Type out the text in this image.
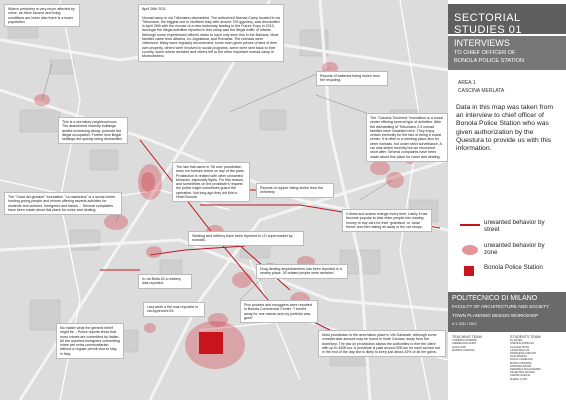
Milan's periphery is very much affected by crime, as there income and living conditions are lower also there is a lower population
April 26th 2011

Nomad camp in via Triboniano dismantled. The authorized Nomad Camp located in via Triboniano, the biggest one in Northern Italy with around 700 gypsies), was dismantled in April 26th with the excuse of a new motorway leading to the Future Expo in 2015. Amongst the illegal activities reported in this camp was the illegal traffic of infants. Although some experienced officers retain to have only seen this in the Balcans. Most families came from Albania, ex-Jugoslavia, and Romania. The nomads were victimized. Many were regularly documented, some even given pieces of land of their own property, others were involved in social programs, some were sent back to their country, some where arrested and others left to the other important nomad camp in Monsobebino.
Reports of batteries being stolen from the recycling.
This is a dormitory neighbourhood. The abandoned industry buildings asides increasing decay, promote the illegal occupation. Further new illegal settlings are quickly being dismantled.
The "Cascina Torchiera" foundation is a social center offering several type of activities. After the dismantling of Triboniano 2-3 nomad families have inhabited here. They enjoy certain immunity for the fact of being a social center. It is often is a meeting place also for other nomads, but under strict surveillance. A car was stolen recently but we recovered short after. Several complaints have been made about this place for noise and dealing.
The law that came in '98 over prostitution does not foresee arrest on any of the parts. Prostitution is related with other unwanted behavior, especially fights. For this reason, and sometimes on the prostitute's request the police might sometimes guard the operation. Not long ago they did this in Hotel Bonola.
The "Casa del giovane" foundation "La madonina" is a social center hosting young people and minors offering several activities for students and workers, foreigners and Italian.... Several complaints have been made about this place for noise and dealing.
Reports of copper being stolen from the cemetery
Crimes and scams change every time. Lately it has become popular to trick elder people into loaning money to buy cars for their 'grandson' or 'close friend' and then taking all away in the car shops.
Stealing and robbery have been reported in LD supermarket by nomads.
Drug dealing amphetamines has been reported in a nearby place. 30 related people were arrested
In via Bolla 40 a robbery was reported.
Last week a fire was reported in via Appennini 53.
Pick pockets and smugglers were reported in Bonola Commercial Center. "I turned away for one minute and my portfolio was gone"
No matter what the general belief might be... Police reports show that most crimes are committed by Italian. All the reported foreigners committing crime are extra communitarian without a regular permit visa to stay in Italy
Most prostitution in the area takes place in Via Gallarate, although some considerable amount may be found in Viale Certosa, away from the dormitory. The law on prostitution allows the authorities to fine the client with up to 450Euro. A prostitute is paid around 50Euro for each service but in the end of the day she is likely to keep just about 20% of all her gains.
SECTORIAL STUDIES 01
INTERVIEWS
TO CHIEF OFFICER OF
BONOLA POLICE STATION
AREA 1
CASCINA MERLATA
Data in this map was taken from an interview to chief officer of Bonola Police Station who was given authorization by the Questura to provide us with this information.
POLITECNICO DI MILANO
FACULTY OF ARCHITECTURE AND SOCIETY
TOWN PLANNING DESIGN WORKSHOP
A.Y. 2011 / 2012
unwanted behavior by street
unwanted behavior by zone
Bonola Police Station
TEACHING TEAM:
CORINNA MORANDI
ANDREA ROLANDO
GIULIA FINI
MARINA CARDANI
STUDENTS TEAM:
EL SAYED
IOSIFINA ZUBKOVA
CLAUDIA SOTO
LAURA BALLUS
FRANCESCA DEVOTI
GAIA MARINO
GIULIA CAMELLINI
MARCO PESSINA
STEFANIA MOZZI
FEDERICA TAGLIAFERRI
VALENTINA SAVIANI
KARINA GARCIA
ZHANG YUAN
